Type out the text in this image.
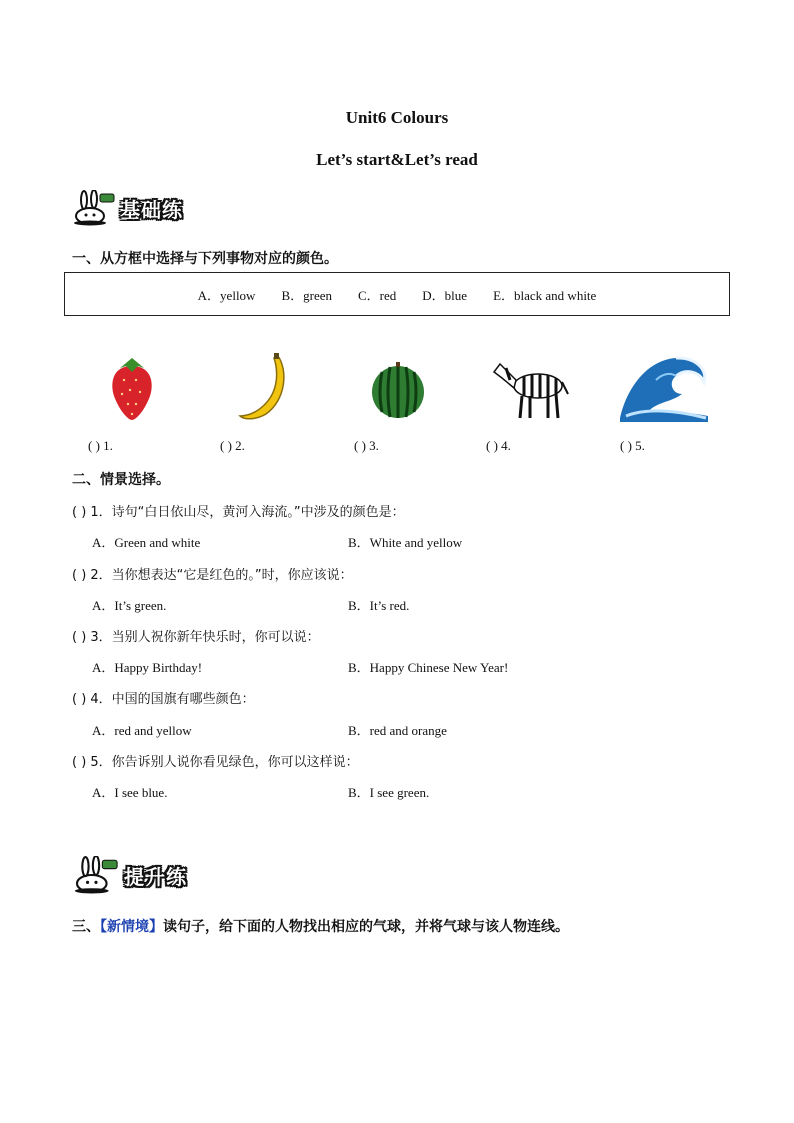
Unit6 Colours
Let’s start&Let’s read
基础练
一、从方框中选择与下列事物对应的颜色。
A．yellow B．green C．red D．blue E．black and white
( ) 1.	( ) 2.	( ) 3.	( ) 4.	( ) 5.
二、情景选择。
( ) 1．诗句“白日依山尽，黄河入海流。”中涉及的颜色是：
A．Green and white	B．White and yellow
( ) 2．当你想表达“它是红色的。”时，你应该说：
A．It’s green.	B．It’s red.
( ) 3．当别人祝你新年快乐时，你可以说：
A．Happy Birthday!	B．Happy Chinese New Year!
( ) 4．中国的国旗有哪些颜色：
A．red and yellow	B．red and orange
( ) 5．你告诉别人说你看见绿色，你可以这样说：
A．I see blue.	B．I see green.
提升练
三、【新情境】读句子，给下面的人物找出相应的气球，并将气球与该人物连线。
